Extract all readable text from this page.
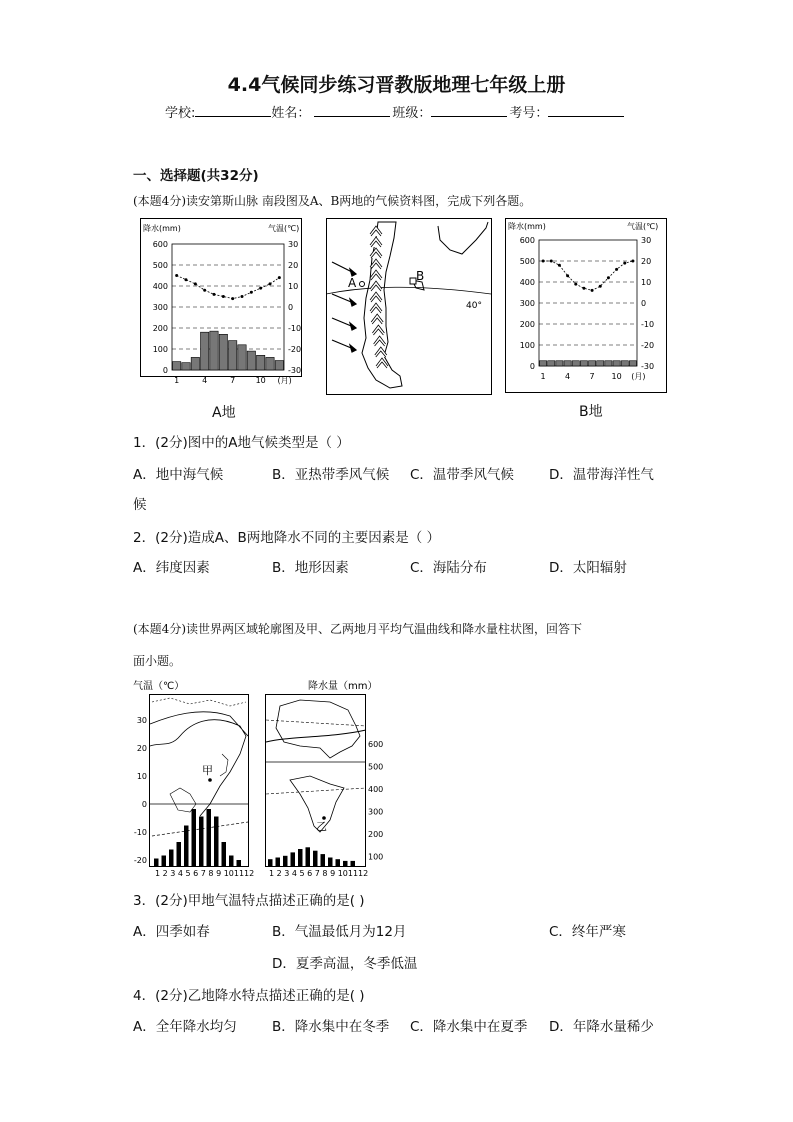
4.4气候同步练习晋教版地理七年级上册
学校:	姓名：	班级：	考号：
一、选择题(共32分)
(本题4分)读安第斯山脉 南段图及A、B两地的气候资料图，完成下列各题。
降水(mm)	气温(℃)
600
500
400
300
200
100
0
30
20
10
0
-10
-20
-30
1	4	7	10 (月)
A地
40°
A	B
降水(mm)	气温(℃)
600
500
400
300
200
100
0
30
20
10
0
-10
-20
-30
1 4 7 10 (月)
B地
1．(2分)图中的A地气候类型是（ ）
A．地中海气候	B．亚热带季风气候 C．温带季风气候	D．温带海洋性气
候
2．(2分)造成A、B两地降水不同的主要因素是（ ）
A．纬度因素	B．地形因素	C．海陆分布	D．太阳辐射
(本题4分)读世界两区域轮廓图及甲、乙两地月平均气温曲线和降水量柱状图，回答下
面小题。
气温（℃）	降水量（mm）
甲
30
20
10
0
-10
-20
乙
600
500
400
300
200
100
1 2 3 4 5 6 7 8 9 101112 1 2 3 4 5 6 7 8 9 101112
3．(2分)甲地气温特点描述正确的是( )
A．四季如春	B．气温最低月为12月	C．终年严寒
D．夏季高温，冬季低温
4．(2分)乙地降水特点描述正确的是( )
A．全年降水均匀	B．降水集中在冬季 C．降水集中在夏季 D．年降水量稀少
